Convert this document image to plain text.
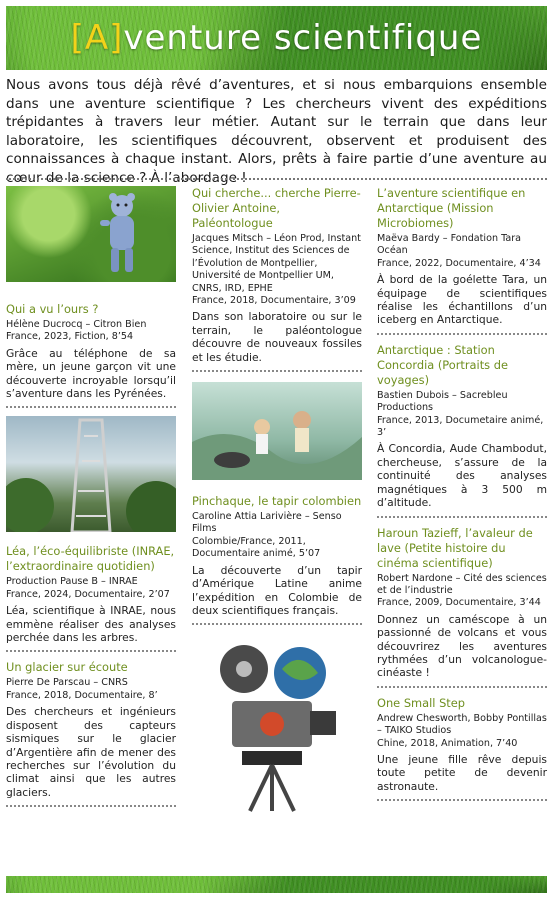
[A]venture scientifique
Nous avons tous déjà rêvé d’aventures, et si nous embarquions ensemble dans une aventure scientifique ? Les chercheurs vivent des expéditions trépidantes à travers leur métier. Autant sur le terrain que dans leur laboratoire, les scientifiques découvrent, observent et produisent des connaissances à chaque instant. Alors, prêts à faire partie d’une aventure au cœur de la science ? À l’abordage !
Qui a vu l’ours ?
Hélène Ducrocq – Citron Bien
France, 2023, Fiction, 8’54
Grâce au téléphone de sa mère, un jeune garçon vit une découverte incroyable lorsqu’il s’aventure dans les Pyrénées.
Léa, l’éco-équilibriste (INRAE, l’extraordinaire quotidien)
Production Pause B – INRAE
France, 2024, Documentaire, 2’07
Léa, scientifique à INRAE, nous emmène réaliser des analyses perchée dans les arbres.
Un glacier sur écoute
Pierre De Parscau – CNRS
France, 2018, Documentaire, 8’
Des chercheurs et ingénieurs disposent des capteurs sismiques sur le glacier d’Argentière afin de mener des recherches sur l’évolution du climat ainsi que les autres glaciers.
Qui cherche... cherche Pierre-Olivier Antoine, Paléontologue
Jacques Mitsch – Léon Prod, Instant Science, Institut des Sciences de l’Évolution de Montpellier, Université de Montpellier UM, CNRS, IRD, EPHE
France, 2018, Documentaire, 3’09
Dans son laboratoire ou sur le terrain, le paléontologue découvre de nouveaux fossiles et les étudie.
Pinchaque, le tapir colombien
Caroline Attia Larivière – Senso Films
Colombie/France, 2011, Documentaire animé, 5’07
La découverte d’un tapir d’Amérique Latine anime l’expédition en Colombie de deux scientifiques français.
L’aventure scientifique en Antarctique (Mission Microbiomes)
Maëva Bardy – Fondation Tara Océan
France, 2022, Documentaire, 4’34
À bord de la goélette Tara, un équipage de scientifiques réalise les échantillons d’un iceberg en Antarctique.
Antarctique : Station Concordia (Portraits de voyages)
Bastien Dubois – Sacrebleu Productions
France, 2013, Documetaire animé, 3’
À Concordia, Aude Chambodut, chercheuse, s’assure de la continuité des analyses magnétiques à 3 500 m d’altitude.
Haroun Tazieff, l’avaleur de lave (Petite histoire du cinéma scientifique)
Robert Nardone – Cité des sciences et de l’industrie
France, 2009, Documentaire, 3’44
Donnez un caméscope à un passionné de volcans et vous découvrirez les aventures rythmées d’un volcanologue-cinéaste !
One Small Step
Andrew Chesworth, Bobby Pontillas – TAIKO Studios
Chine, 2018, Animation, 7’40
Une jeune fille rêve depuis toute petite de devenir astronaute.
